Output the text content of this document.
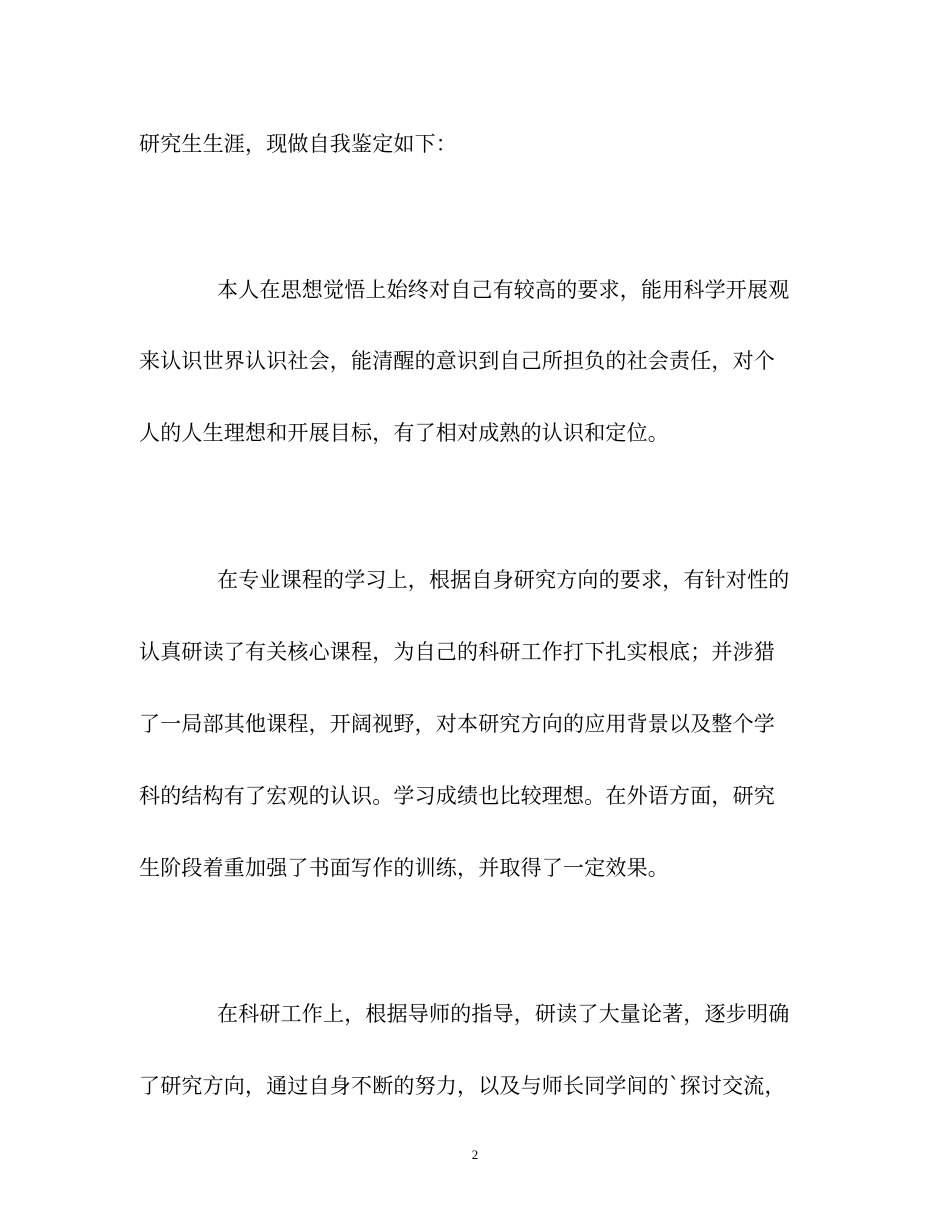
研究生生涯，现做自我鉴定如下：
本人在思想觉悟上始终对自己有较高的要求，能用科学开展观
来认识世界认识社会，能清醒的意识到自己所担负的社会责任，对个
人的人生理想和开展目标，有了相对成熟的认识和定位。
在专业课程的学习上，根据自身研究方向的要求，有针对性的
认真研读了有关核心课程，为自己的科研工作打下扎实根底；并涉猎
了一局部其他课程，开阔视野，对本研究方向的应用背景以及整个学
科的结构有了宏观的认识。学习成绩也比较理想。在外语方面，研究
生阶段着重加强了书面写作的训练，并取得了一定效果。
在科研工作上，根据导师的指导，研读了大量论著，逐步明确
了研究方向，通过自身不断的努力，以及与师长同学间的`探讨交流，
2
